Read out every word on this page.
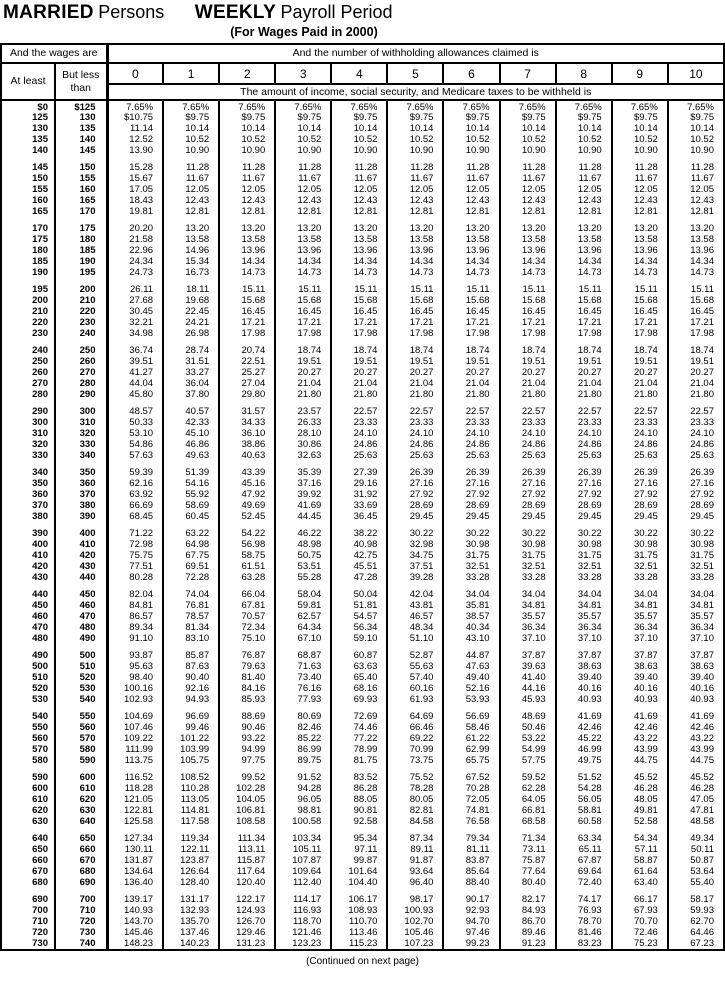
MARRIED Persons WEEKLY Payroll Period
(For Wages Paid in 2000)
And the wages are		And the number of withholding allowances claimed is										
At least	But less than	0	1	2	3	4	5	6	7	8	9	10
		The amount of income, social security, and Medicare taxes to be withheld is										
$0	$125	7.65%	7.65%	7.65%	7.65%	7.65%	7.65%	7.65%	7.65%	7.65%	7.65%	7.65%
125	130	$10.75	$9.75	$9.75	$9.75	$9.75	$9.75	$9.75	$9.75	$9.75	$9.75	$9.75
130	135	11.14	10.14	10.14	10.14	10.14	10.14	10.14	10.14	10.14	10.14	10.14
135	140	12.52	10.52	10.52	10.52	10.52	10.52	10.52	10.52	10.52	10.52	10.52
140	145	13.90	10.90	10.90	10.90	10.90	10.90	10.90	10.90	10.90	10.90	10.90

145	150	15.28	11.28	11.28	11.28	11.28	11.28	11.28	11.28	11.28	11.28	11.28
150	155	15.67	11.67	11.67	11.67	11.67	11.67	11.67	11.67	11.67	11.67	11.67
155	160	17.05	12.05	12.05	12.05	12.05	12.05	12.05	12.05	12.05	12.05	12.05
160	165	18.43	12.43	12.43	12.43	12.43	12.43	12.43	12.43	12.43	12.43	12.43
165	170	19.81	12.81	12.81	12.81	12.81	12.81	12.81	12.81	12.81	12.81	12.81

170	175	20.20	13.20	13.20	13.20	13.20	13.20	13.20	13.20	13.20	13.20	13.20
175	180	21.58	13.58	13.58	13.58	13.58	13.58	13.58	13.58	13.58	13.58	13.58
180	185	22.96	14.96	13.96	13.96	13.96	13.96	13.96	13.96	13.96	13.96	13.96
185	190	24.34	15.34	14.34	14.34	14.34	14.34	14.34	14.34	14.34	14.34	14.34
190	195	24.73	16.73	14.73	14.73	14.73	14.73	14.73	14.73	14.73	14.73	14.73

195	200	26.11	18.11	15.11	15.11	15.11	15.11	15.11	15.11	15.11	15.11	15.11
200	210	27.68	19.68	15.68	15.68	15.68	15.68	15.68	15.68	15.68	15.68	15.68
210	220	30.45	22.45	16.45	16.45	16.45	16.45	16.45	16.45	16.45	16.45	16.45
220	230	32.21	24.21	17.21	17.21	17.21	17.21	17.21	17.21	17.21	17.21	17.21
230	240	34.98	26.98	17.98	17.98	17.98	17.98	17.98	17.98	17.98	17.98	17.98

240	250	36.74	28.74	20.74	18.74	18.74	18.74	18.74	18.74	18.74	18.74	18.74
250	260	39.51	31.51	22.51	19.51	19.51	19.51	19.51	19.51	19.51	19.51	19.51
260	270	41.27	33.27	25.27	20.27	20.27	20.27	20.27	20.27	20.27	20.27	20.27
270	280	44.04	36.04	27.04	21.04	21.04	21.04	21.04	21.04	21.04	21.04	21.04
280	290	45.80	37.80	29.80	21.80	21.80	21.80	21.80	21.80	21.80	21.80	21.80

290	300	48.57	40.57	31.57	23.57	22.57	22.57	22.57	22.57	22.57	22.57	22.57
300	310	50.33	42.33	34.33	26.33	23.33	23.33	23.33	23.33	23.33	23.33	23.33
310	320	53.10	45.10	36.10	28.10	24.10	24.10	24.10	24.10	24.10	24.10	24.10
320	330	54.86	46.86	38.86	30.86	24.86	24.86	24.86	24.86	24.86	24.86	24.86
330	340	57.63	49.63	40.63	32.63	25.63	25.63	25.63	25.63	25.63	25.63	25.63

340	350	59.39	51.39	43.39	35.39	27.39	26.39	26.39	26.39	26.39	26.39	26.39
350	360	62.16	54.16	45.16	37.16	29.16	27.16	27.16	27.16	27.16	27.16	27.16
360	370	63.92	55.92	47.92	39.92	31.92	27.92	27.92	27.92	27.92	27.92	27.92
370	380	66.69	58.69	49.69	41.69	33.69	28.69	28.69	28.69	28.69	28.69	28.69
380	390	68.45	60.45	52.45	44.45	36.45	29.45	29.45	29.45	29.45	29.45	29.45

390	400	71.22	63.22	54.22	46.22	38.22	30.22	30.22	30.22	30.22	30.22	30.22
400	410	72.98	64.98	56.98	48.98	40.98	32.98	30.98	30.98	30.98	30.98	30.98
410	420	75.75	67.75	58.75	50.75	42.75	34.75	31.75	31.75	31.75	31.75	31.75
420	430	77.51	69.51	61.51	53.51	45.51	37.51	32.51	32.51	32.51	32.51	32.51
430	440	80.28	72.28	63.28	55.28	47.28	39.28	33.28	33.28	33.28	33.28	33.28

440	450	82.04	74.04	66.04	58.04	50.04	42.04	34.04	34.04	34.04	34.04	34.04
450	460	84.81	76.81	67.81	59.81	51.81	43.81	35.81	34.81	34.81	34.81	34.81
460	470	86.57	78.57	70.57	62.57	54.57	46.57	38.57	35.57	35.57	35.57	35.57
470	480	89.34	81.34	72.34	64.34	56.34	48.34	40.34	36.34	36.34	36.34	36.34
480	490	91.10	83.10	75.10	67.10	59.10	51.10	43.10	37.10	37.10	37.10	37.10

490	500	93.87	85.87	76.87	68.87	60.87	52.87	44.87	37.87	37.87	37.87	37.87
500	510	95.63	87.63	79.63	71.63	63.63	55.63	47.63	39.63	38.63	38.63	38.63
510	520	98.40	90.40	81.40	73.40	65.40	57.40	49.40	41.40	39.40	39.40	39.40
520	530	100.16	92.16	84.16	76.16	68.16	60.16	52.16	44.16	40.16	40.16	40.16
530	540	102.93	94.93	85.93	77.93	69.93	61.93	53.93	45.93	40.93	40.93	40.93

540	550	104.69	96.69	88.69	80.69	72.69	64.69	56.69	48.69	41.69	41.69	41.69
550	560	107.46	99.46	90.46	82.46	74.46	66.46	58.46	50.46	42.46	42.46	42.46
560	570	109.22	101.22	93.22	85.22	77.22	69.22	61.22	53.22	45.22	43.22	43.22
570	580	111.99	103.99	94.99	86.99	78.99	70.99	62.99	54.99	46.99	43.99	43.99
580	590	113.75	105.75	97.75	89.75	81.75	73.75	65.75	57.75	49.75	44.75	44.75

590	600	116.52	108.52	99.52	91.52	83.52	75.52	67.52	59.52	51.52	45.52	45.52
600	610	118.28	110.28	102.28	94.28	86.28	78.28	70.28	62.28	54.28	46.28	46.28
610	620	121.05	113.05	104.05	96.05	88.05	80.05	72.05	64.05	56.05	48.05	47.05
620	630	122.81	114.81	106.81	98.81	90.81	82.81	74.81	66.81	58.81	49.81	47.81
630	640	125.58	117.58	108.58	100.58	92.58	84.58	76.58	68.58	60.58	52.58	48.58

640	650	127.34	119.34	111.34	103.34	95.34	87.34	79.34	71.34	63.34	54.34	49.34
650	660	130.11	122.11	113.11	105.11	97.11	89.11	81.11	73.11	65.11	57.11	50.11
660	670	131.87	123.87	115.87	107.87	99.87	91.87	83.87	75.87	67.87	58.87	50.87
670	680	134.64	126.64	117.64	109.64	101.64	93.64	85.64	77.64	69.64	61.64	53.64
680	690	136.40	128.40	120.40	112.40	104.40	96.40	88.40	80.40	72.40	63.40	55.40

690	700	139.17	131.17	122.17	114.17	106.17	98.17	90.17	82.17	74.17	66.17	58.17
700	710	140.93	132.93	124.93	116.93	108.93	100.93	92.93	84.93	76.93	67.93	59.93
710	720	143.70	135.70	126.70	118.70	110.70	102.70	94.70	86.70	78.70	70.70	62.70
720	730	145.46	137.46	129.46	121.46	113.46	105.46	97.46	89.46	81.46	72.46	64.46
730	740	148.23	140.23	131.23	123.23	115.23	107.23	99.23	91.23	83.23	75.23	67.23
(Continued on next page)
